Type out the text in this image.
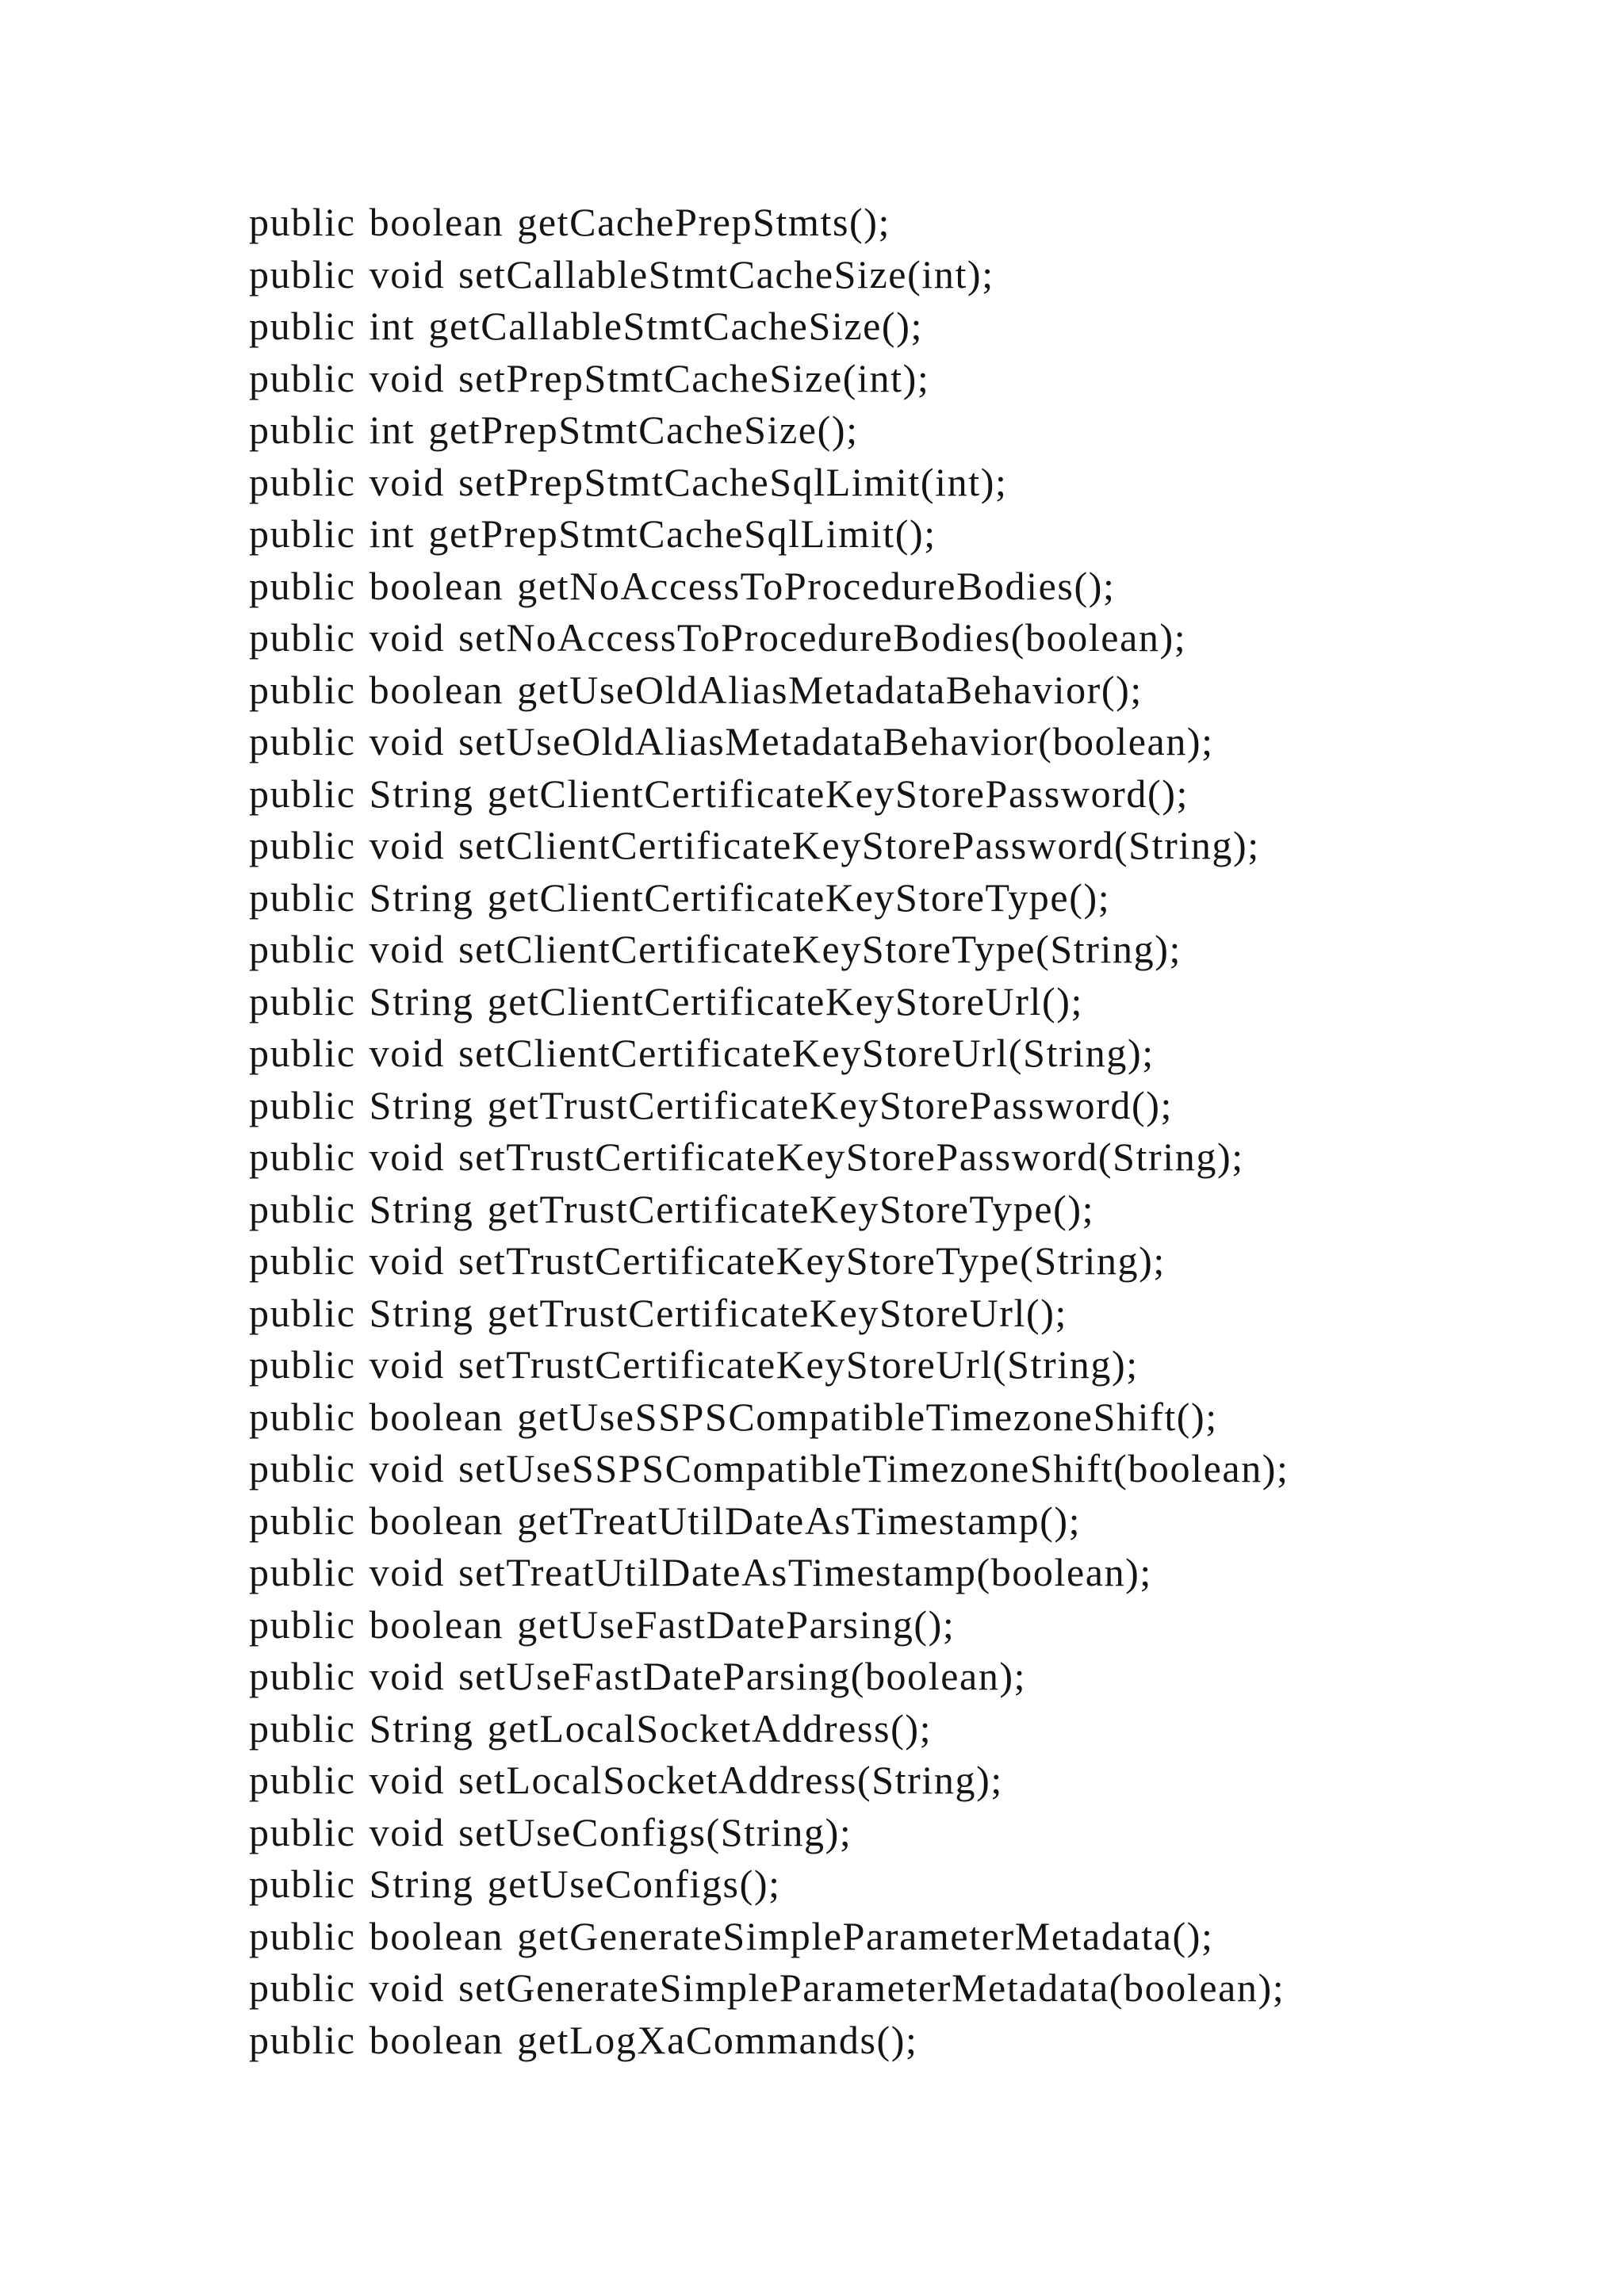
public boolean getCachePrepStmts();
public void setCallableStmtCacheSize(int);
public int getCallableStmtCacheSize();
public void setPrepStmtCacheSize(int);
public int getPrepStmtCacheSize();
public void setPrepStmtCacheSqlLimit(int);
public int getPrepStmtCacheSqlLimit();
public boolean getNoAccessToProcedureBodies();
public void setNoAccessToProcedureBodies(boolean);
public boolean getUseOldAliasMetadataBehavior();
public void setUseOldAliasMetadataBehavior(boolean);
public String getClientCertificateKeyStorePassword();
public void setClientCertificateKeyStorePassword(String);
public String getClientCertificateKeyStoreType();
public void setClientCertificateKeyStoreType(String);
public String getClientCertificateKeyStoreUrl();
public void setClientCertificateKeyStoreUrl(String);
public String getTrustCertificateKeyStorePassword();
public void setTrustCertificateKeyStorePassword(String);
public String getTrustCertificateKeyStoreType();
public void setTrustCertificateKeyStoreType(String);
public String getTrustCertificateKeyStoreUrl();
public void setTrustCertificateKeyStoreUrl(String);
public boolean getUseSSPSCompatibleTimezoneShift();
public void setUseSSPSCompatibleTimezoneShift(boolean);
public boolean getTreatUtilDateAsTimestamp();
public void setTreatUtilDateAsTimestamp(boolean);
public boolean getUseFastDateParsing();
public void setUseFastDateParsing(boolean);
public String getLocalSocketAddress();
public void setLocalSocketAddress(String);
public void setUseConfigs(String);
public String getUseConfigs();
public boolean getGenerateSimpleParameterMetadata();
public void setGenerateSimpleParameterMetadata(boolean);
public boolean getLogXaCommands();
